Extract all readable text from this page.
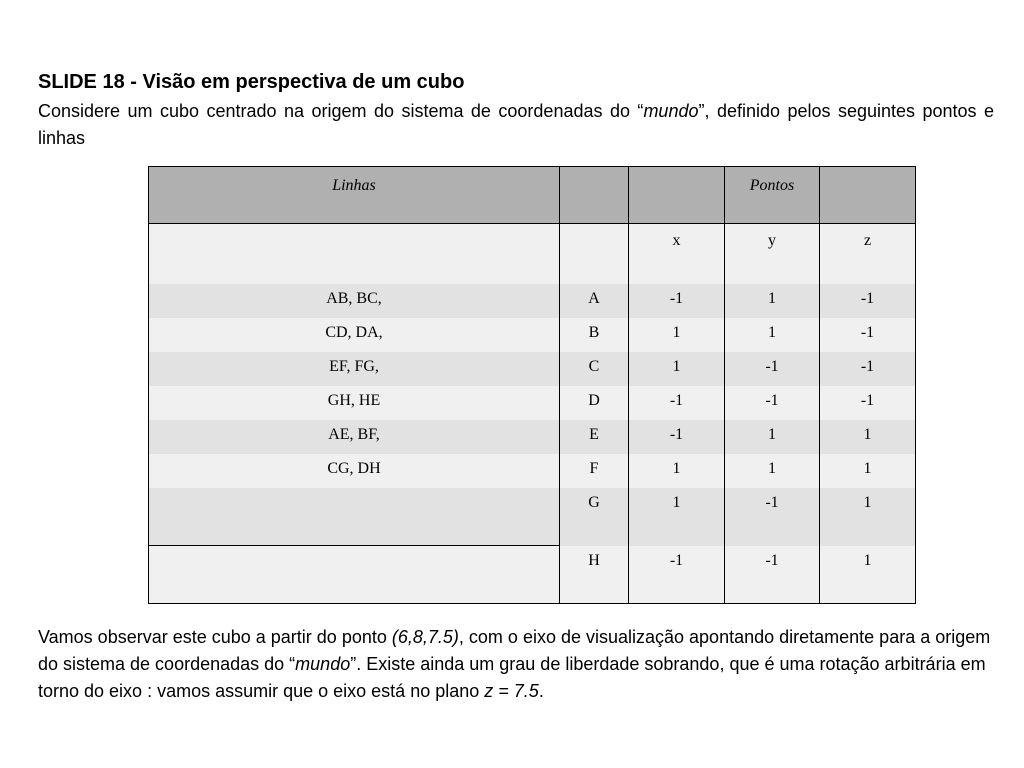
SLIDE 18 - Visão em perspectiva de um cubo
Considere um cubo centrado na origem do sistema de coordenadas do “mundo”, definido pelos seguintes pontos e linhas
Linhas			Pontos	
		x	y	z
AB, BC,	A	-1	1	-1
CD, DA,	B	1	1	-1
EF, FG,	C	1	-1	-1
GH, HE	D	-1	-1	-1
AE, BF,	E	-1	1	1
CG, DH	F	1	1	1
	G	1	-1	1
	H	-1	-1	1
Vamos observar este cubo a partir do ponto (6,8,7.5), com o eixo de visualização apontando diretamente para a origem do sistema de coordenadas do “mundo”. Existe ainda um grau de liberdade sobrando, que é uma rotação arbitrária em torno do eixo : vamos assumir que o eixo está no plano z = 7.5.
